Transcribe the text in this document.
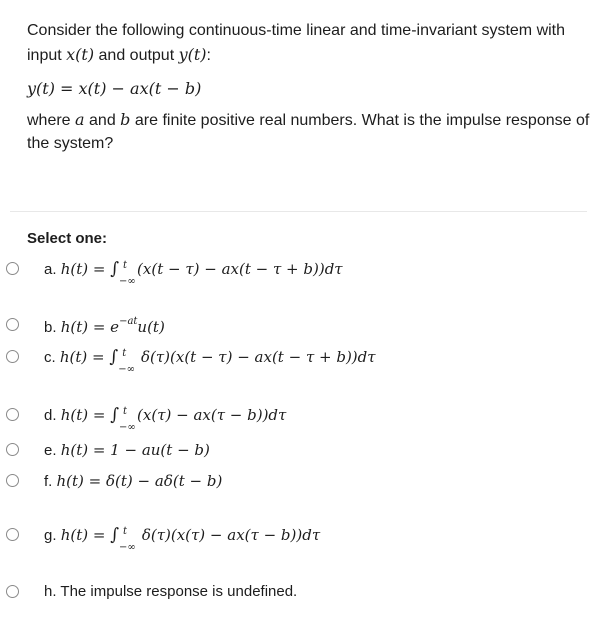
Consider the following continuous-time linear and time-invariant system with
input x(t) and output y(t):
y(t) = x(t) − ax(t − b)
where a and b are finite positive real numbers. What is the impulse response of
the system?
Select one:
a. h(t) = ∫ t
−∞
(x(t − τ) − ax(t − τ + b))dτ
b. $h(t) = e^{-at}u(t)$
c. h(t) = ∫ t
−∞
δ(τ)(x(t − τ) − ax(t − τ + b))dτ
d. h(t) = ∫ t
−∞
(x(τ) − ax(τ − b))dτ
e. h(t) = 1 − au(t − b)
f. h(t) = δ(t) − aδ(t − b)
g. h(t) = ∫ t
−∞
δ(τ)(x(τ) − ax(τ − b))dτ
h. The impulse response is undefined.
